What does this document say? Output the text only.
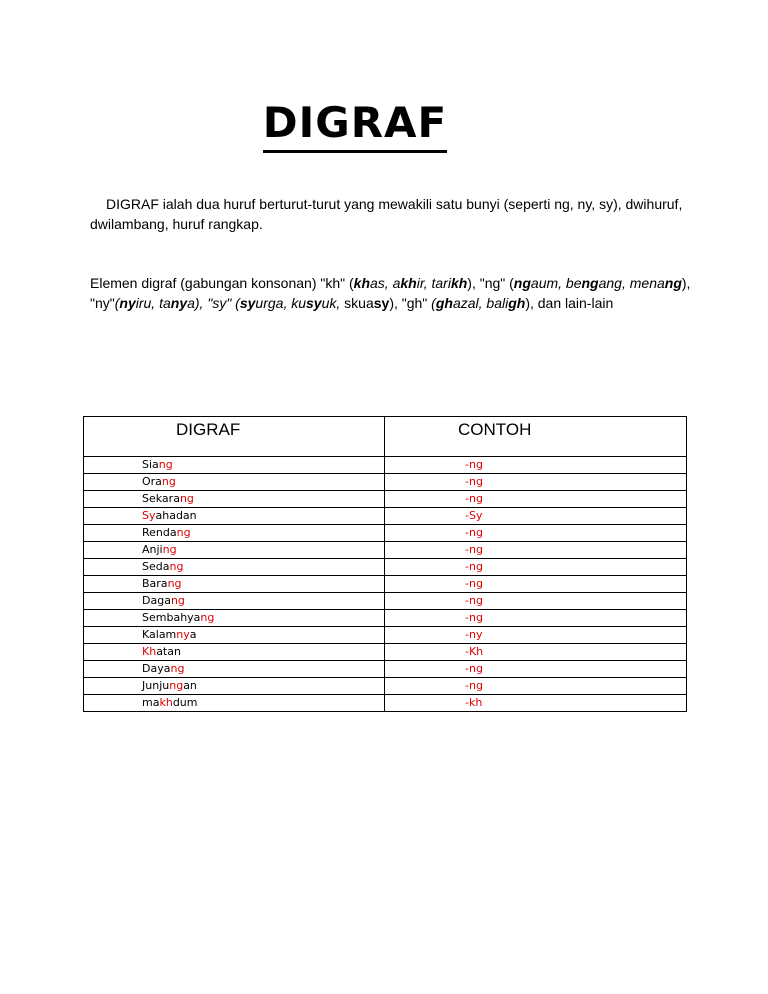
DIGRAF
DIGRAF ialah dua huruf berturut-turut yang mewakili satu bunyi (seperti ng, ny, sy), dwihuruf, dwilambang, huruf rangkap.
Elemen digraf (gabungan konsonan) "kh" (khas, akhir, tarikh), "ng" (ngaum, bengang, menang), "ny"(nyiru, tanya), "sy" (syurga, kusyuk, skuasy), "gh" (ghazal, baligh), dan lain-lain
DIGRAF	CONTOH
Siang	-ng
Orang	-ng
Sekarang	-ng
Syahadan	-Sy
Rendang	-ng
Anjing	-ng
Sedang	-ng
Barang	-ng
Dagang	-ng
Sembahyang	-ng
Kalamnya	-ny
Khatan	-Kh
Dayang	-ng
Junjungan	-ng
makhdum	-kh
